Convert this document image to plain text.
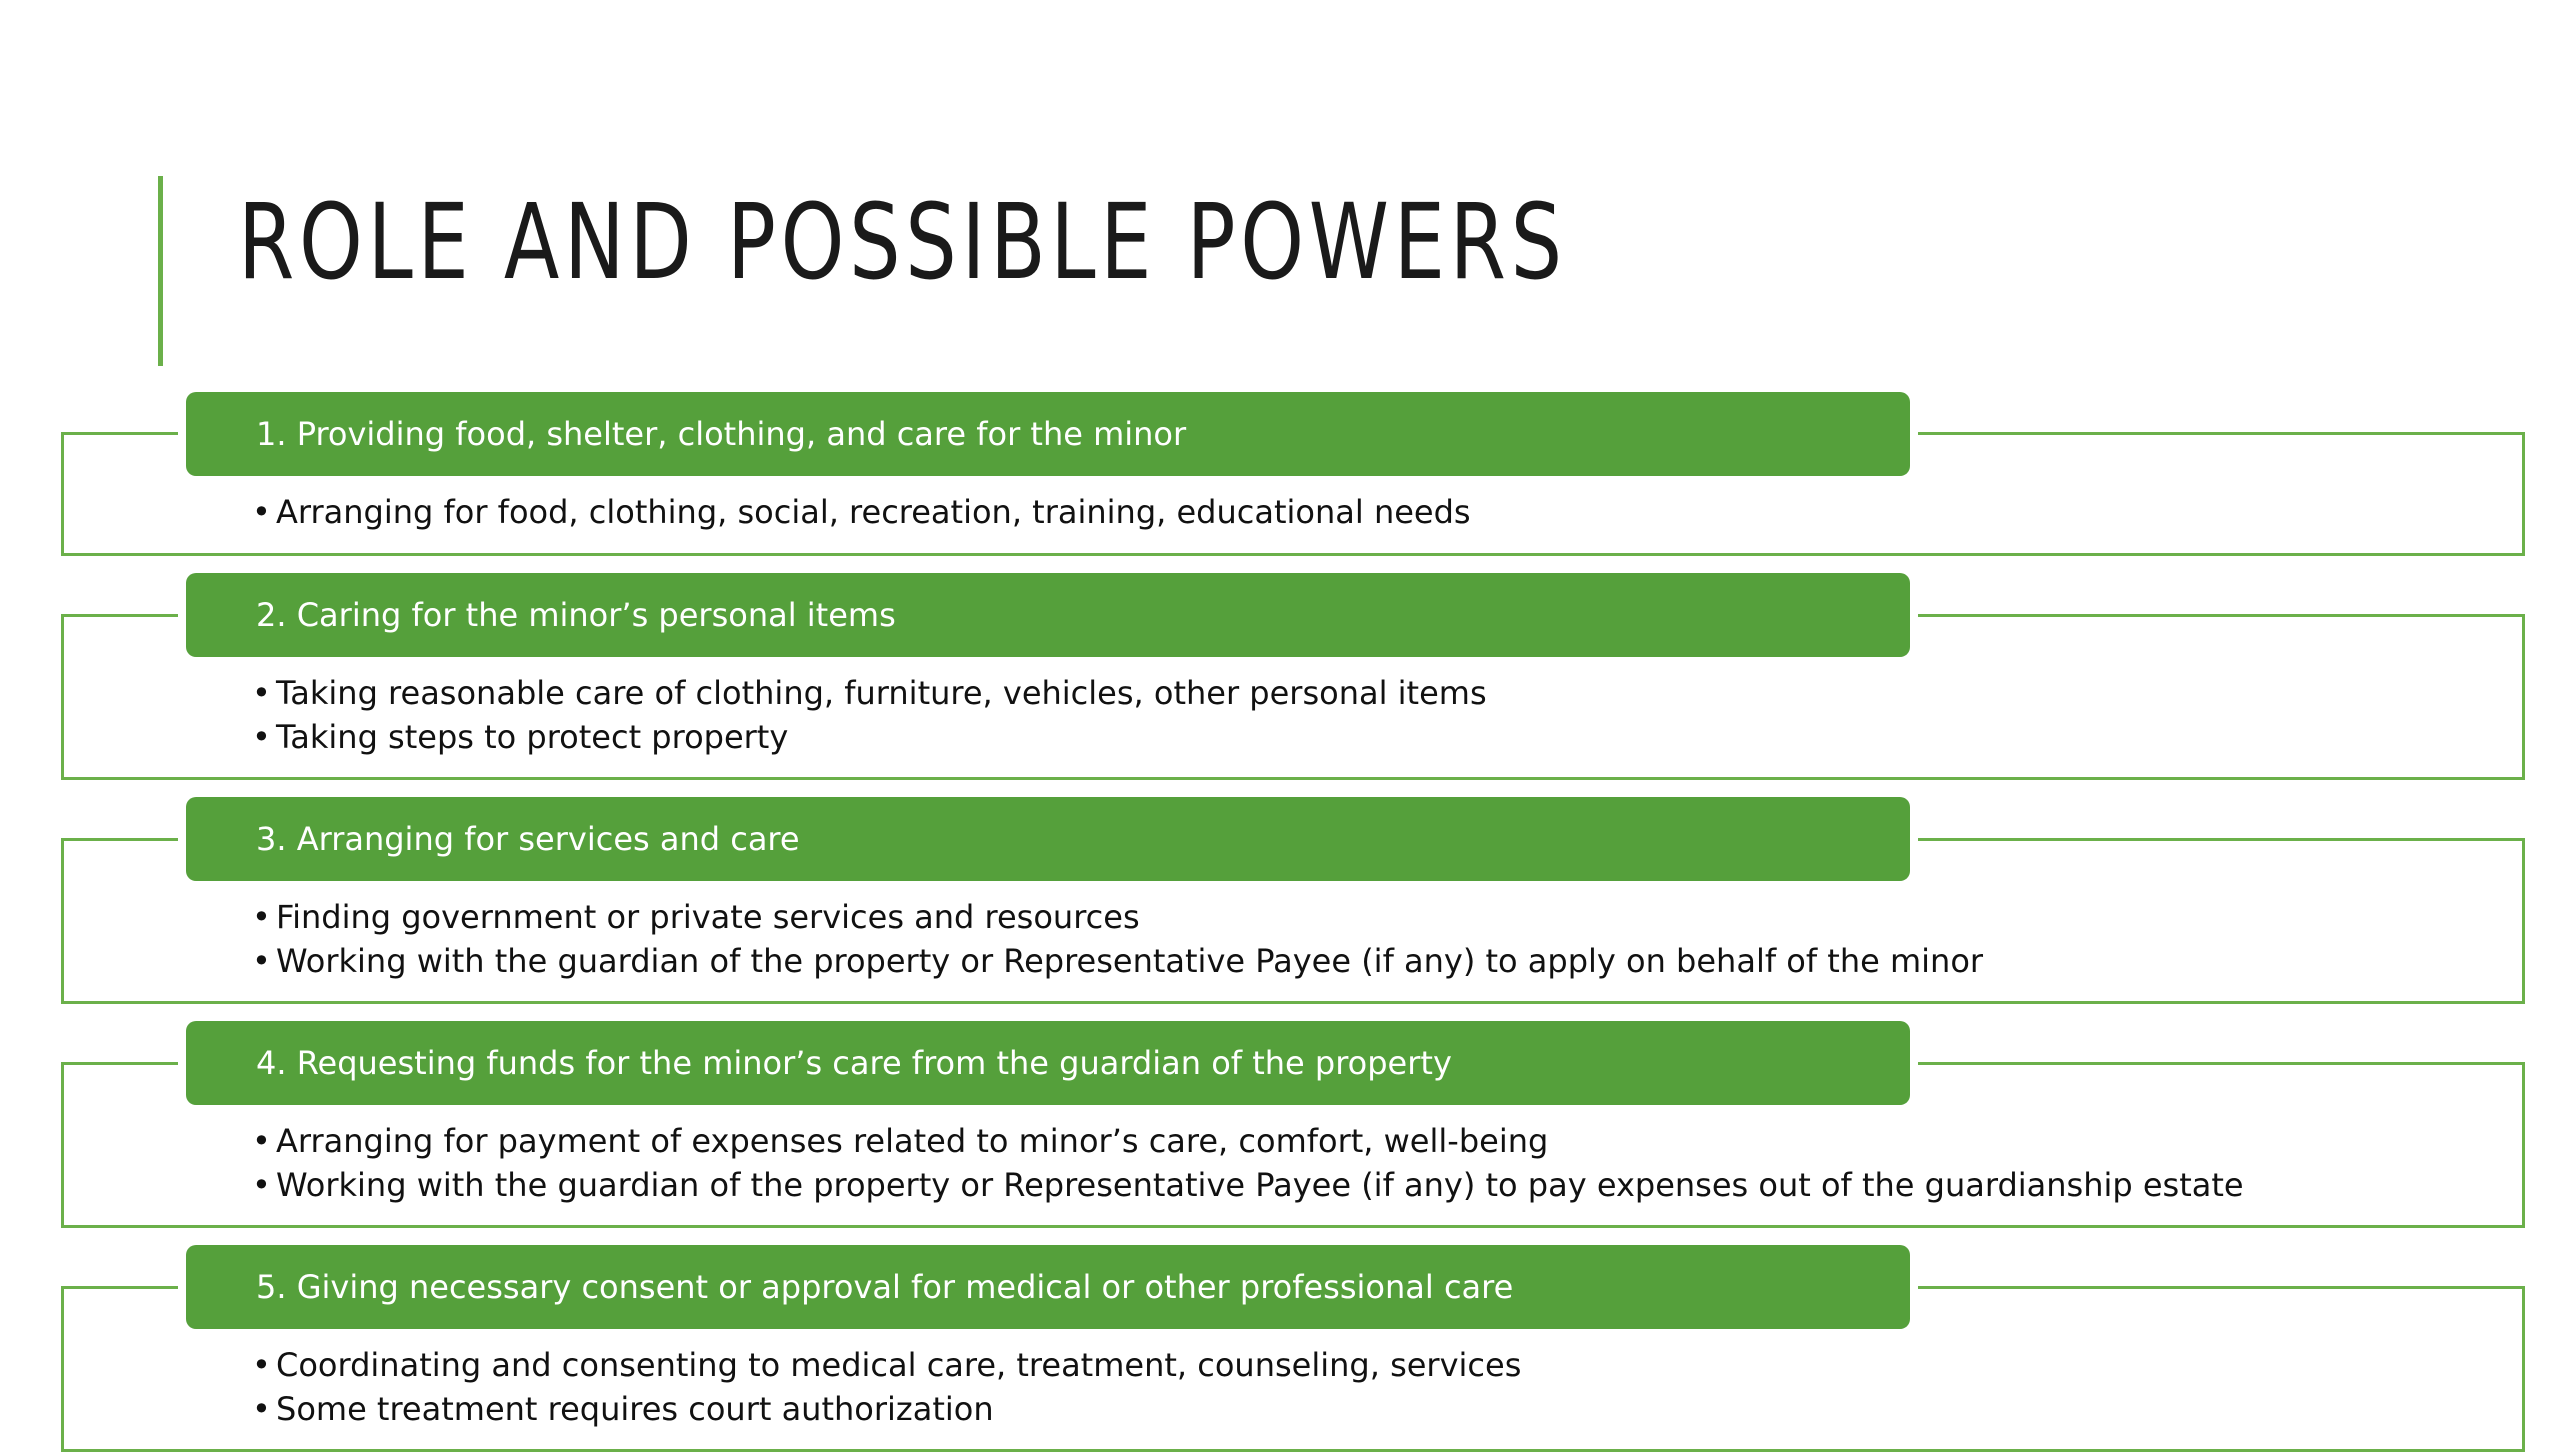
ROLE AND POSSIBLE POWERS
1. Providing food, shelter, clothing, and care for the minor
• Arranging for food, clothing, social, recreation, training, educational needs
2. Caring for the minor’s personal items
• Taking reasonable care of clothing, furniture, vehicles, other personal items
• Taking steps to protect property
3. Arranging for services and care
• Finding government or private services and resources
• Working with the guardian of the property or Representative Payee (if any) to apply on behalf of the minor
4. Requesting funds for the minor’s care from the guardian of the property
• Arranging for payment of expenses related to minor’s care, comfort, well-being
• Working with the guardian of the property or Representative Payee (if any) to pay expenses out of the guardianship estate
5. Giving necessary consent or approval for medical or other professional care
• Coordinating and consenting to medical care, treatment, counseling, services
• Some treatment requires court authorization
